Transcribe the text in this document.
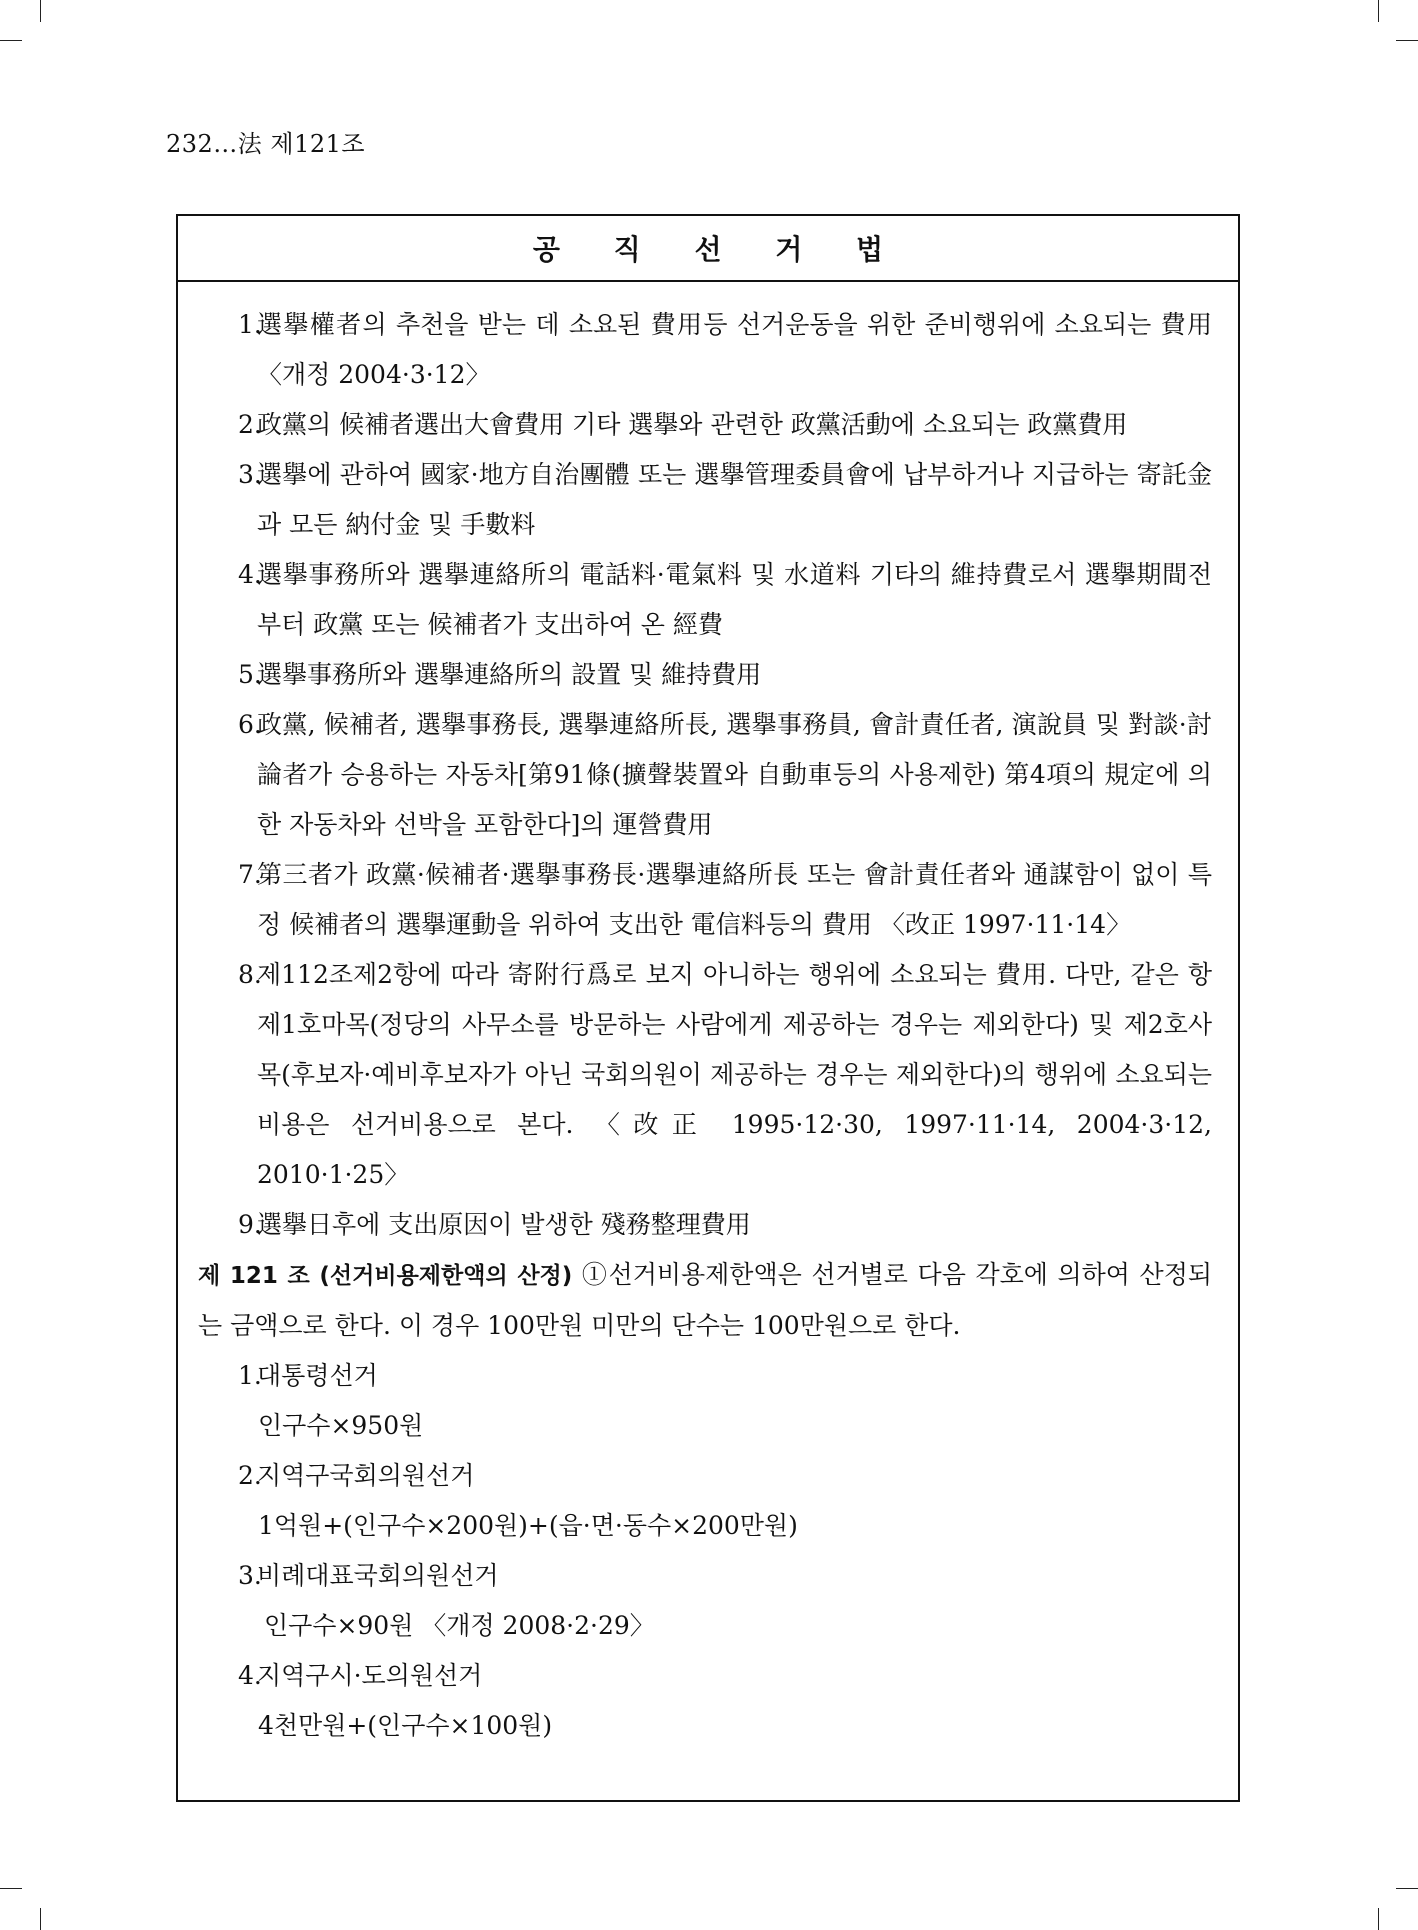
232…法 제121조
공 직 선 거 법
1.
選擧權者의 추천을 받는 데 소요된 費用등 선거운동을 위한 준비행위에 소요되는 費用 〈개정 2004·3·12〉
2.
政黨의 候補者選出大會費用 기타 選擧와 관련한 政黨活動에 소요되는 政黨費用
3.
選擧에 관하여 國家·地方自治團體 또는 選擧管理委員會에 납부하거나 지급하는 寄託金과 모든 納付金 및 手數料
4.
選擧事務所와 選擧連絡所의 電話料·電氣料 및 水道料 기타의 維持費로서 選擧期間전부터 政黨 또는 候補者가 支出하여 온 經費
5.
選擧事務所와 選擧連絡所의 設置 및 維持費用
6.
政黨, 候補者, 選擧事務長, 選擧連絡所長, 選擧事務員, 會計責任者, 演說員 및 對談·討論者가 승용하는 자동차[第91條(擴聲裝置와 自動車등의 사용제한) 第4項의 規定에 의한 자동차와 선박을 포함한다]의 運營費用
7.
第三者가 政黨·候補者·選擧事務長·選擧連絡所長 또는 會計責任者와 通謀함이 없이 특정 候補者의 選擧運動을 위하여 支出한 電信料등의 費用 〈改正 1997·11·14〉
8.
제112조제2항에 따라 寄附行爲로 보지 아니하는 행위에 소요되는 費用. 다만, 같은 항 제1호마목(정당의 사무소를 방문하는 사람에게 제공하는 경우는 제외한다) 및 제2호사목(후보자·예비후보자가 아닌 국회의원이 제공하는 경우는 제외한다)의 행위에 소요되는 비용은 선거비용으로 본다. 〈改正 1995·12·30, 1997·11·14, 2004·3·12, 2010·1·25〉
9.
選擧日후에 支出原因이 발생한 殘務整理費用
제 121 조 (선거비용제한액의 산정) ①선거비용제한액은 선거별로 다음 각호에 의하여 산정되는 금액으로 한다. 이 경우 100만원 미만의 단수는 100만원으로 한다.
1.
대통령선거
인구수×950원
2.
지역구국회의원선거
1억원+(인구수×200원)+(읍·면·동수×200만원)
3.
비례대표국회의원선거
인구수×90원 〈개정 2008·2·29〉
4.
지역구시·도의원선거
4천만원+(인구수×100원)
